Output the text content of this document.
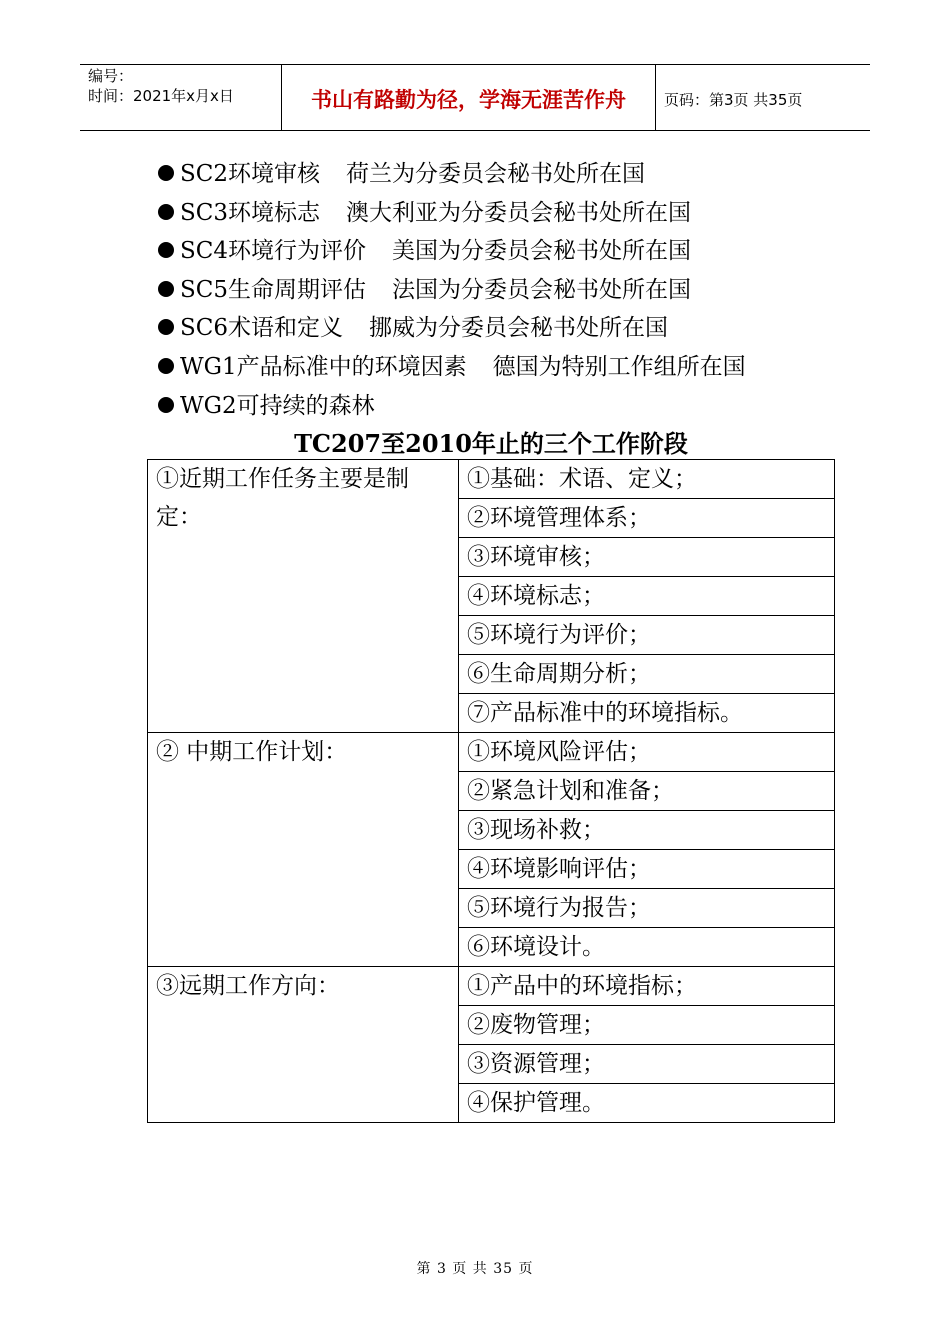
编号：
时间：2021年x月x日	书山有路勤为径，学海无涯苦作舟	页码：第3页 共35页
SC2环境审核 荷兰为分委员会秘书处所在国
SC3环境标志 澳大利亚为分委员会秘书处所在国
SC4环境行为评价 美国为分委员会秘书处所在国
SC5生命周期评估 法国为分委员会秘书处所在国
SC6术语和定义 挪威为分委员会秘书处所在国
WG1产品标准中的环境因素 德国为特别工作组所在国
WG2可持续的森林
TC207至2010年止的三个工作阶段
①近期工作任务主要是制定：	①基础：术语、定义；
	②环境管理体系；
	③环境审核；
	④环境标志；
	⑤环境行为评价；
	⑥生命周期分析；
	⑦产品标准中的环境指标。
② 中期工作计划：	①环境风险评估；
	②紧急计划和准备；
	③现场补救；
	④环境影响评估；
	⑤环境行为报告；
	⑥环境设计。
③远期工作方向：	①产品中的环境指标；
	②废物管理；
	③资源管理；
	④保护管理。
第 3 页 共 35 页
